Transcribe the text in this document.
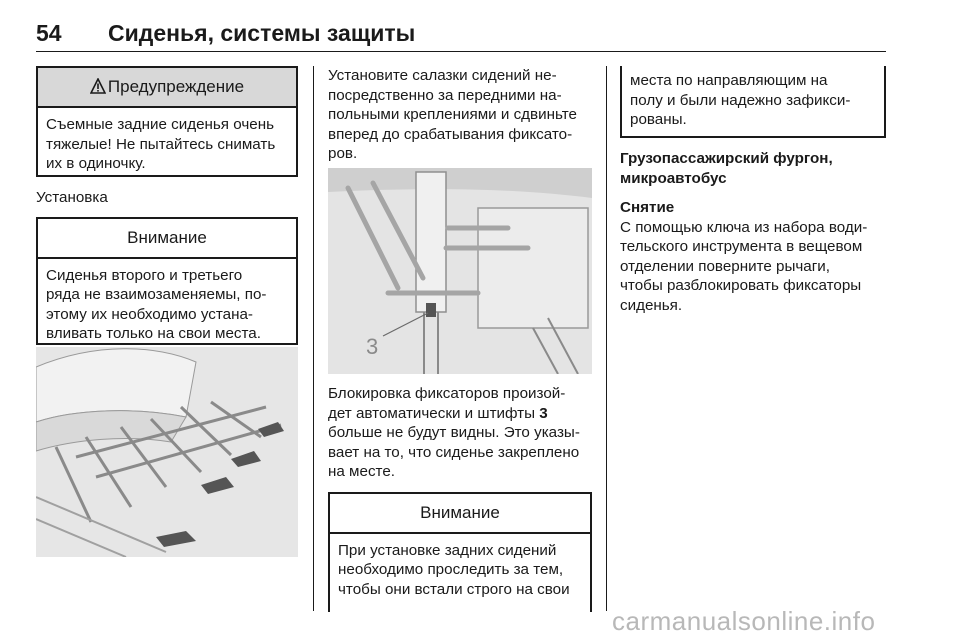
54 Сиденья, системы защиты
Предупреждение
Съемные задние сиденья очень
тяжелые! Не пытайтесь снимать
их в одиночку.

Установка

Внимание
Сиденья второго и третьего
ряда не взаимозаменяемы, по-
этому их необходимо устана-
вливать только на свои места.

Установите салазки сидений не-

посредственно за передними на-

польными креплениями и сдвиньте

вперед до срабатывания фиксато-

ров.

3

Блокировка фиксаторов произой-

дет автоматически и штифты 3

больше не будут видны. Это указы-

вает на то, что сиденье закреплено

на месте.

Внимание
При установке задних сидений
необходимо проследить за тем,
чтобы они встали строго на свои
места по направляющим на
полу и были надежно зафикси-
рованы.

Грузопассажирский фургон,

микроавтобус

Снятие

С помощью ключа из набора води-

тельского инструмента в вещевом

отделении поверните рычаги,

чтобы разблокировать фиксаторы

сиденья.

carmanualsonline.info
